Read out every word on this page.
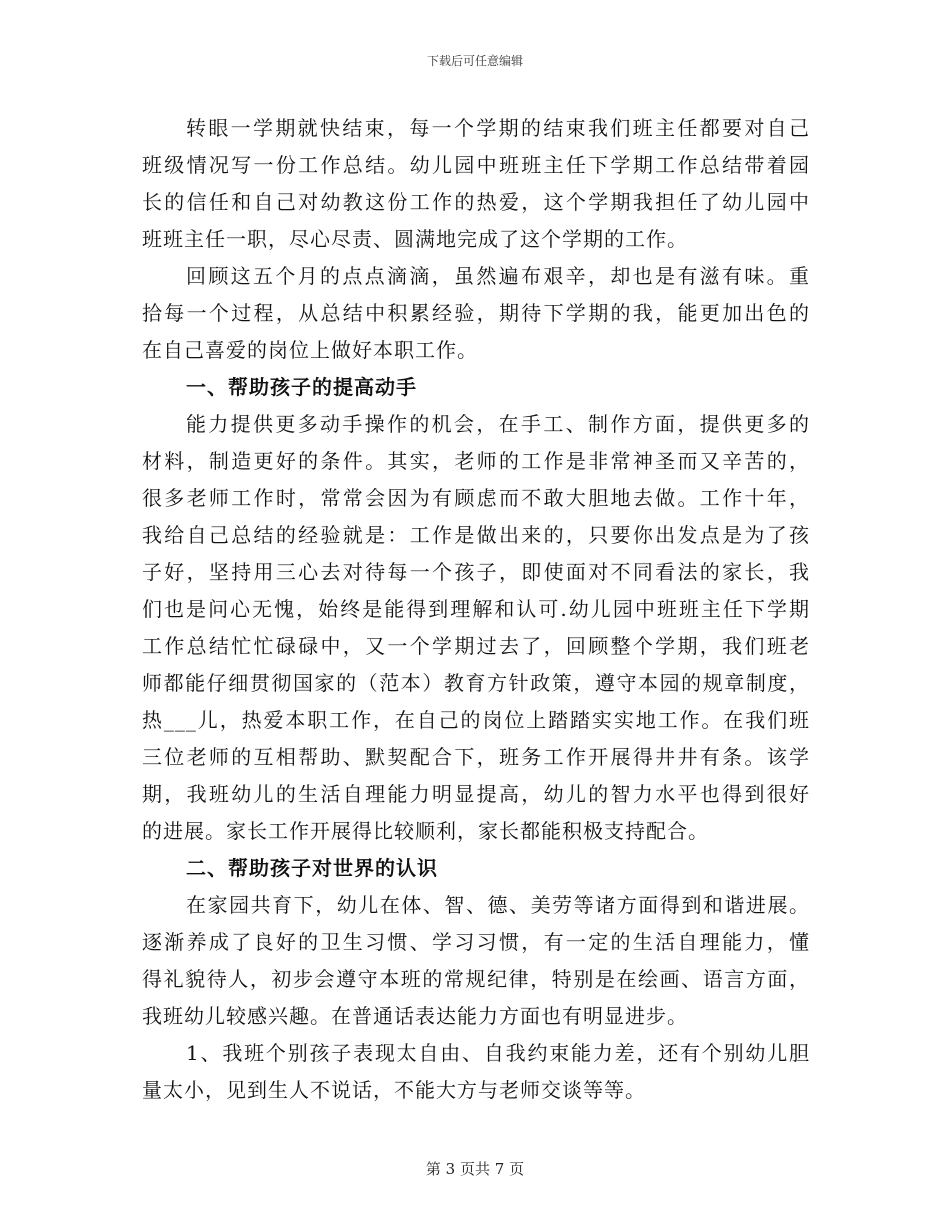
下载后可任意编辑
转眼一学期就快结束，每一个学期的结束我们班主任都要对自己
班级情况写一份工作总结。幼儿园中班班主任下学期工作总结带着园
长的信任和自己对幼教这份工作的热爱，这个学期我担任了幼儿园中
班班主任一职，尽心尽责、圆满地完成了这个学期的工作。
回顾这五个月的点点滴滴，虽然遍布艰辛，却也是有滋有味。重
拾每一个过程，从总结中积累经验，期待下学期的我，能更加出色的
在自己喜爱的岗位上做好本职工作。
一、帮助孩子的提高动手
能力提供更多动手操作的机会，在手工、制作方面，提供更多的
材料，制造更好的条件。其实，老师的工作是非常神圣而又辛苦的，
很多老师工作时，常常会因为有顾虑而不敢大胆地去做。工作十年，
我给自己总结的经验就是：工作是做出来的，只要你出发点是为了孩
子好，坚持用三心去对待每一个孩子，即使面对不同看法的家长，我
们也是问心无愧，始终是能得到理解和认可.幼儿园中班班主任下学期
工作总结忙忙碌碌中，又一个学期过去了，回顾整个学期，我们班老
师都能仔细贯彻国家的（范本）教育方针政策，遵守本园的规章制度，
热___儿，热爱本职工作，在自己的岗位上踏踏实实地工作。在我们班
三位老师的互相帮助、默契配合下，班务工作开展得井井有条。该学
期，我班幼儿的生活自理能力明显提高，幼儿的智力水平也得到很好
的进展。家长工作开展得比较顺利，家长都能积极支持配合。
二、帮助孩子对世界的认识
在家园共育下，幼儿在体、智、德、美劳等诸方面得到和谐进展。
逐渐养成了良好的卫生习惯、学习习惯，有一定的生活自理能力，懂
得礼貌待人，初步会遵守本班的常规纪律，特别是在绘画、语言方面，
我班幼儿较感兴趣。在普通话表达能力方面也有明显进步。
1、我班个别孩子表现太自由、自我约束能力差，还有个别幼儿胆
量太小，见到生人不说话，不能大方与老师交谈等等。
第 3 页共 7 页
